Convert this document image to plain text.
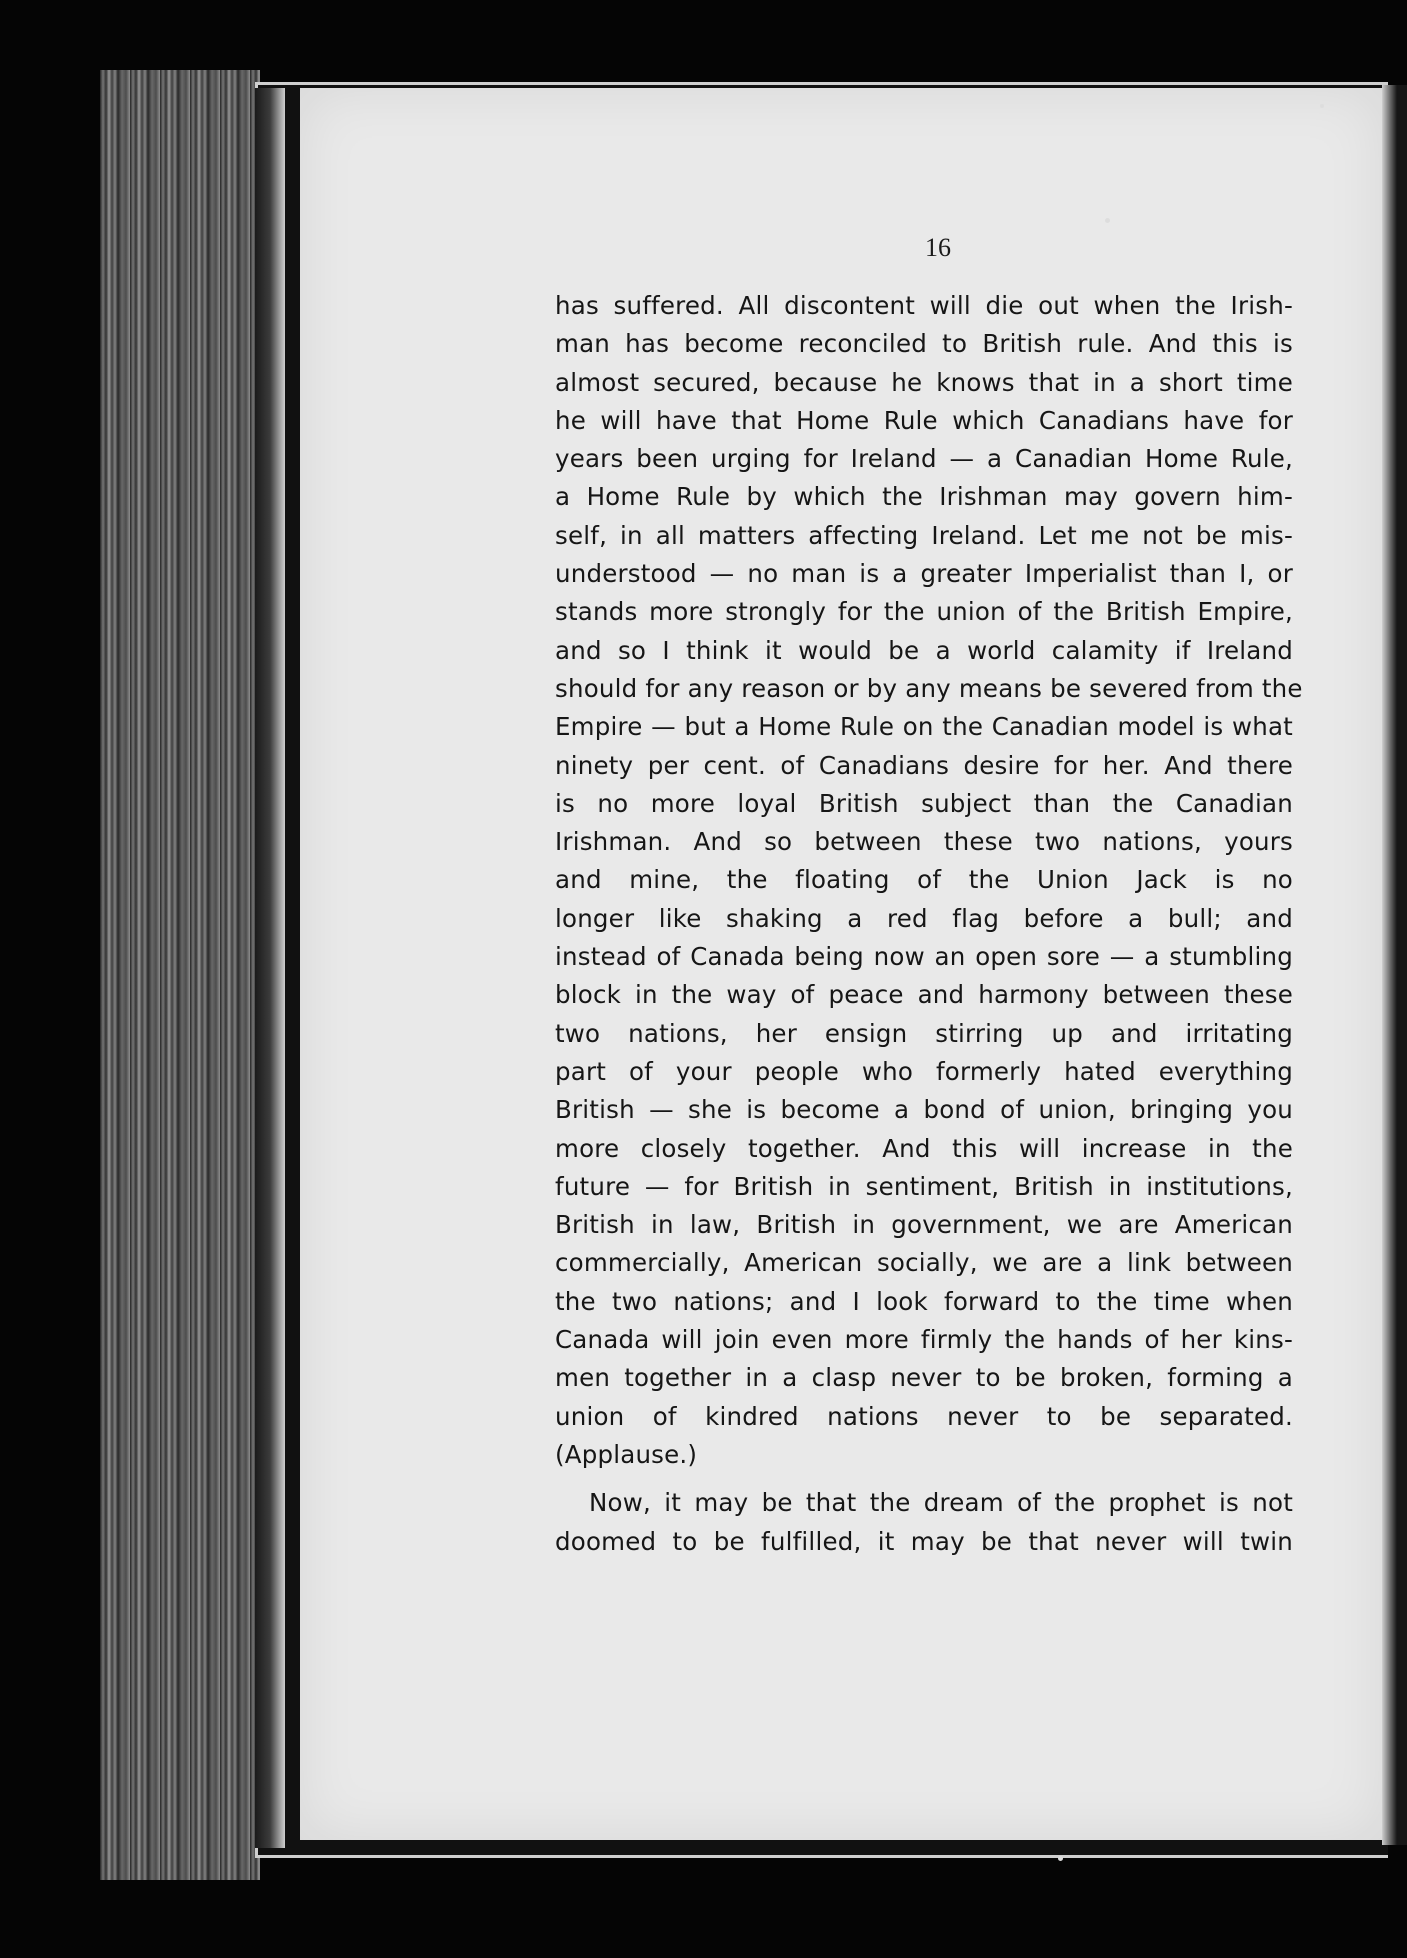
16
has suffered. All discontent will die out when the Irish-
man has become reconciled to British rule. And this is
almost secured, because he knows that in a short time
he will have that Home Rule which Canadians have for
years been urging for Ireland — a Canadian Home Rule,
a Home Rule by which the Irishman may govern him-
self, in all matters affecting Ireland. Let me not be mis-
understood — no man is a greater Imperialist than I, or
stands more strongly for the union of the British Empire,
and so I think it would be a world calamity if Ireland
should for any reason or by any means be severed from the
Empire — but a Home Rule on the Canadian model is what
ninety per cent. of Canadians desire for her. And there
is no more loyal British subject than the Canadian
Irishman. And so between these two nations, yours
and mine, the floating of the Union Jack is no
longer like shaking a red flag before a bull; and
instead of Canada being now an open sore — a stumbling
block in the way of peace and harmony between these
two nations, her ensign stirring up and irritating
part of your people who formerly hated everything
British — she is become a bond of union, bringing you
more closely together. And this will increase in the
future — for British in sentiment, British in institutions,
British in law, British in government, we are American
commercially, American socially, we are a link between
the two nations; and I look forward to the time when
Canada will join even more firmly the hands of her kins-
men together in a clasp never to be broken, forming a
union of kindred nations never to be separated.
(Applause.)
Now, it may be that the dream of the prophet is not
doomed to be fulfilled, it may be that never will twin
